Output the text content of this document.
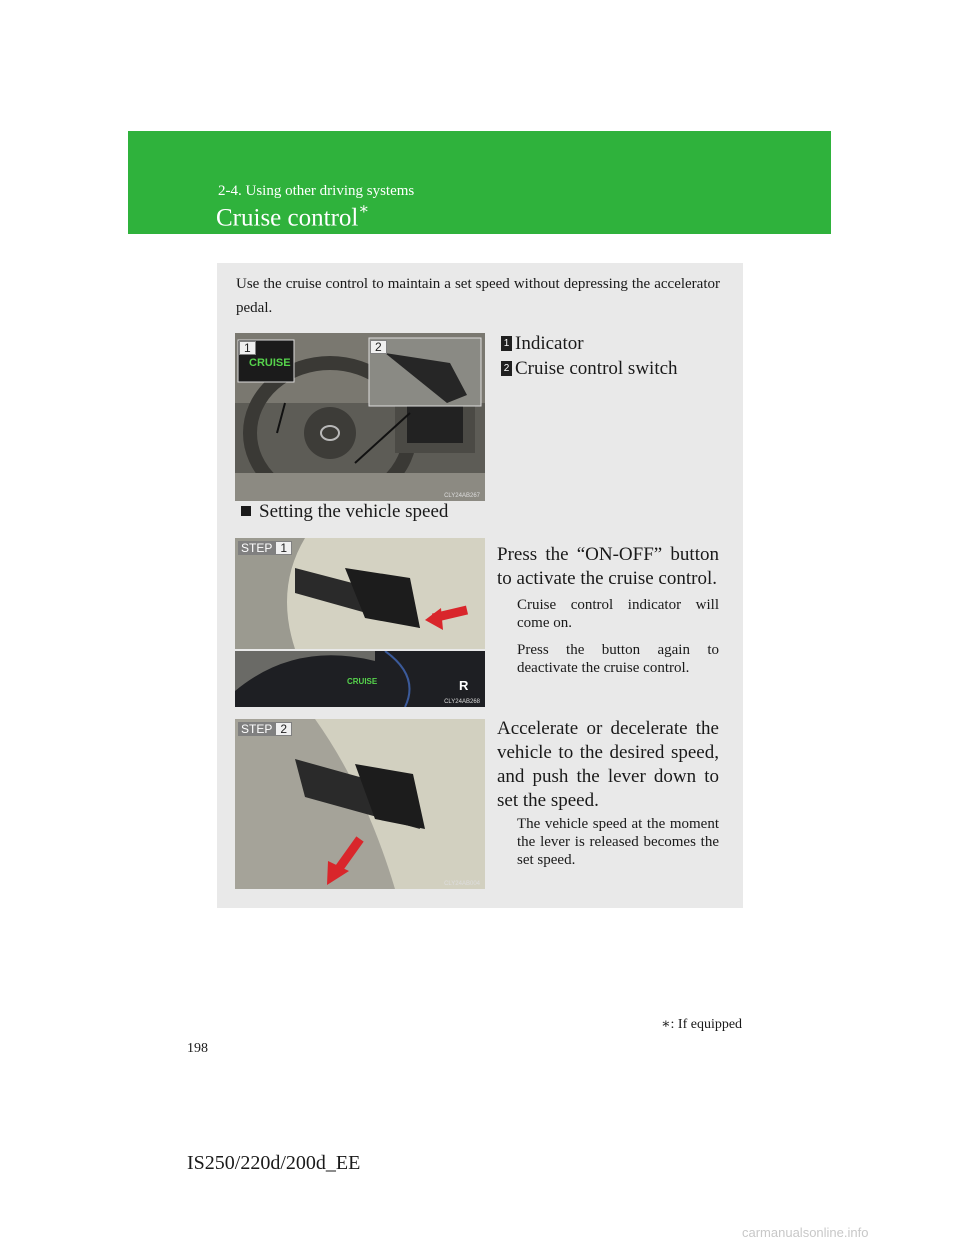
2-4. Using other driving systems
Cruise control∗
Use the cruise control to maintain a set speed without depressing the accelerator pedal.
1	2
CRUISE
CLY24AB267
1 Indicator
2 Cruise control switch
Setting the vehicle speed
STEP 1
CRUISE	R
CLY24AB268
Press the “ON-OFF” button to activate the cruise control.
Cruise control indicator will come on.
Press the button again to deactivate the cruise control.
STEP 2
CLY24AB004
Accelerate or decelerate the vehicle to the desired speed, and push the lever down to set the speed.
The vehicle speed at the moment the lever is released becomes the set speed.
∗: If equipped
198
IS250/220d/200d_EE
carmanualsonline.info
